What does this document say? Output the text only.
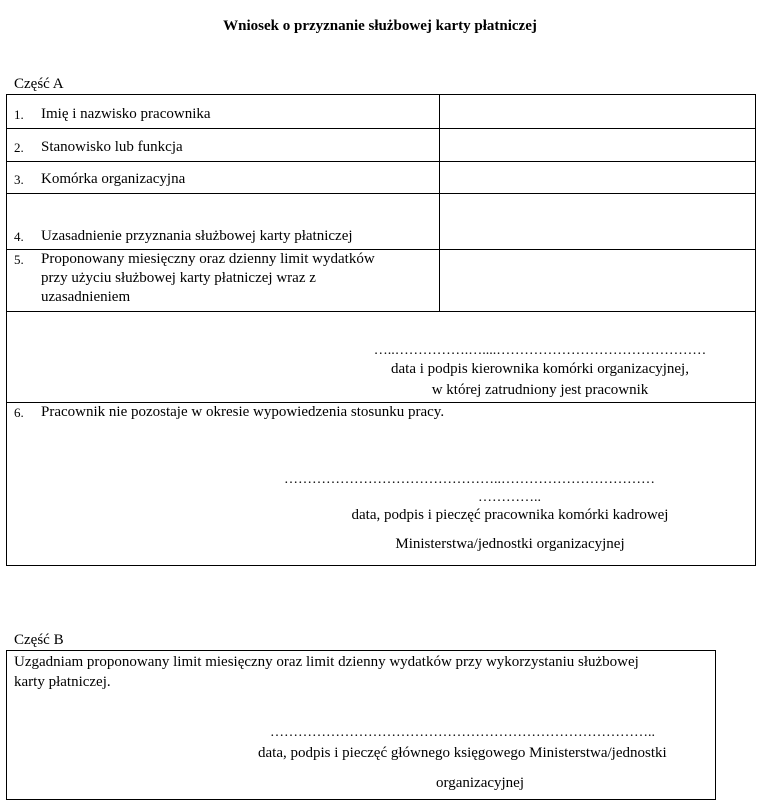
Wniosek o przyznanie służbowej karty płatniczej
Część A
1. Imię i nazwisko pracownika
2. Stanowisko lub funkcja
3. Komórka organizacyjna
4. Uzasadnienie przyznania służbowej karty płatniczej
5. Proponowany miesięczny oraz dzienny limit wydatków
przy użyciu służbowej karty płatniczej wraz z
uzasadnieniem
…..…………….…....………………………………………
data i podpis kierownika komórki organizacyjnej,
w której zatrudniony jest pracownik
6. Pracownik nie pozostaje w okresie wypowiedzenia stosunku pracy.
………………………………………..……………………………
…………..
data, podpis i pieczęć pracownika komórki kadrowej
Ministerstwa/jednostki organizacyjnej
Część B
Uzgadniam proponowany limit miesięczny oraz limit dzienny wydatków przy wykorzystaniu służbowej
karty płatniczej.
………………………………………………………………………..
data, podpis i pieczęć głównego księgowego Ministerstwa/jednostki
organizacyjnej
